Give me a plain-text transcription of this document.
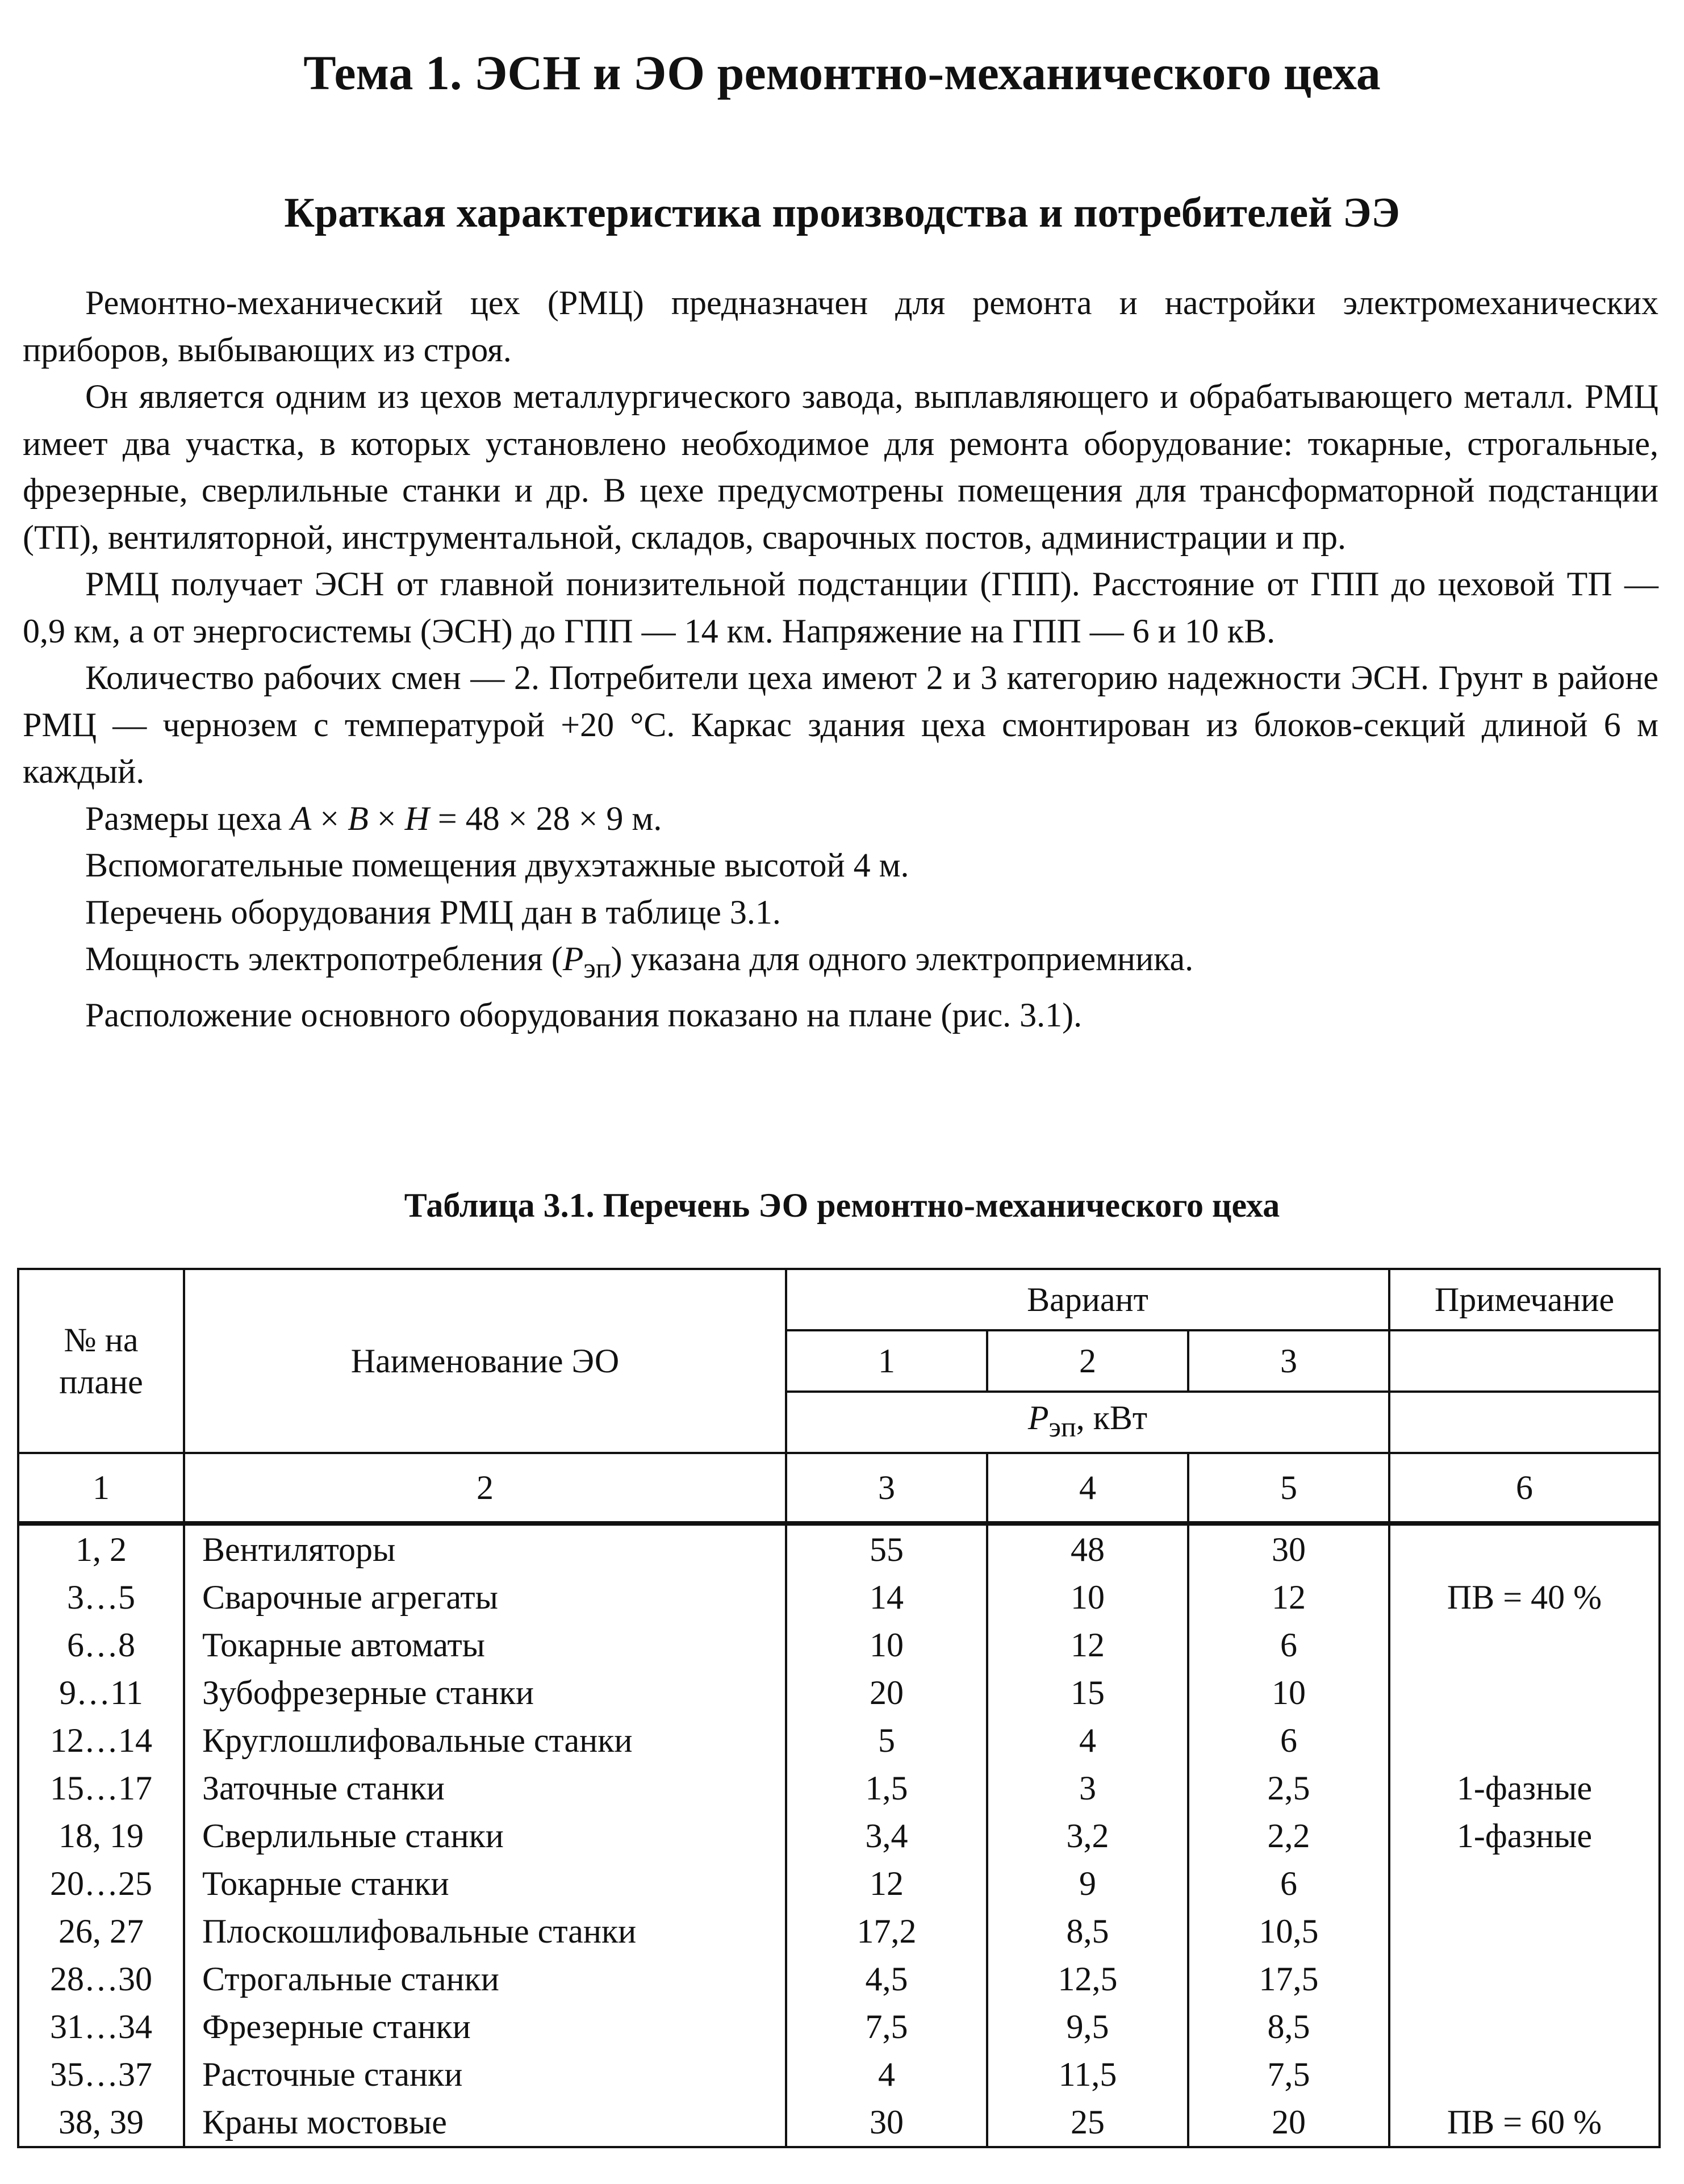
Тема 1. ЭСН и ЭО ремонтно-механического цеха
Краткая характеристика производства и потребителей ЭЭ

Ремонтно-механический цех (РМЦ) предназначен для ремонта и настройки электромеханических приборов, выбывающих из строя.

Он является одним из цехов металлургического завода, выплавляющего и обрабатывающего металл. РМЦ имеет два участка, в которых установлено необходимое для ремонта оборудование: токарные, строгальные, фрезерные, сверлильные станки и др. В цехе предусмотрены помещения для трансформаторной подстанции (ТП), вентиляторной, инструментальной, складов, сварочных постов, администрации и пр.

РМЦ получает ЭСН от главной понизительной подстанции (ГПП). Расстояние от ГПП до цеховой ТП — 0,9 км, а от энергосистемы (ЭСН) до ГПП — 14 км. Напряжение на ГПП — 6 и 10 кВ.

Количество рабочих смен — 2. Потребители цеха имеют 2 и 3 категорию надежности ЭСН. Грунт в районе РМЦ — чернозем с температурой +20 °С. Каркас здания цеха смонтирован из блоков-секций длиной 6 м каждый.

Размеры цеха A × B × H = 48 × 28 × 9 м.

Вспомогательные помещения двухэтажные высотой 4 м.

Перечень оборудования РМЦ дан в таблице 3.1.

Мощность электропотребления $(P_{эп})$ указана для одного электроприемника.

Расположение основного оборудования показано на плане (рис. 3.1).

Таблица 3.1. Перечень ЭО ремонтно-механического цеха
№ на плане	Наименование ЭО	Вариант			Примечание
		1	2	3	
		$P_{эп}$, кВт			
1	2	3	4	5	6
1, 2	Вентиляторы	55	48	30	
3…5	Сварочные агрегаты	14	10	12	ПВ = 40 %
6…8	Токарные автоматы	10	12	6	
9…11	Зубофрезерные станки	20	15	10	
12…14	Круглошлифовальные станки	5	4	6	
15…17	Заточные станки	1,5	3	2,5	1-фазные
18, 19	Сверлильные станки	3,4	3,2	2,2	1-фазные
20…25	Токарные станки	12	9	6	
26, 27	Плоскошлифовальные станки	17,2	8,5	10,5	
28…30	Строгальные станки	4,5	12,5	17,5	
31…34	Фрезерные станки	7,5	9,5	8,5	
35…37	Расточные станки	4	11,5	7,5	
38, 39	Краны мостовые	30	25	20	ПВ = 60 %
